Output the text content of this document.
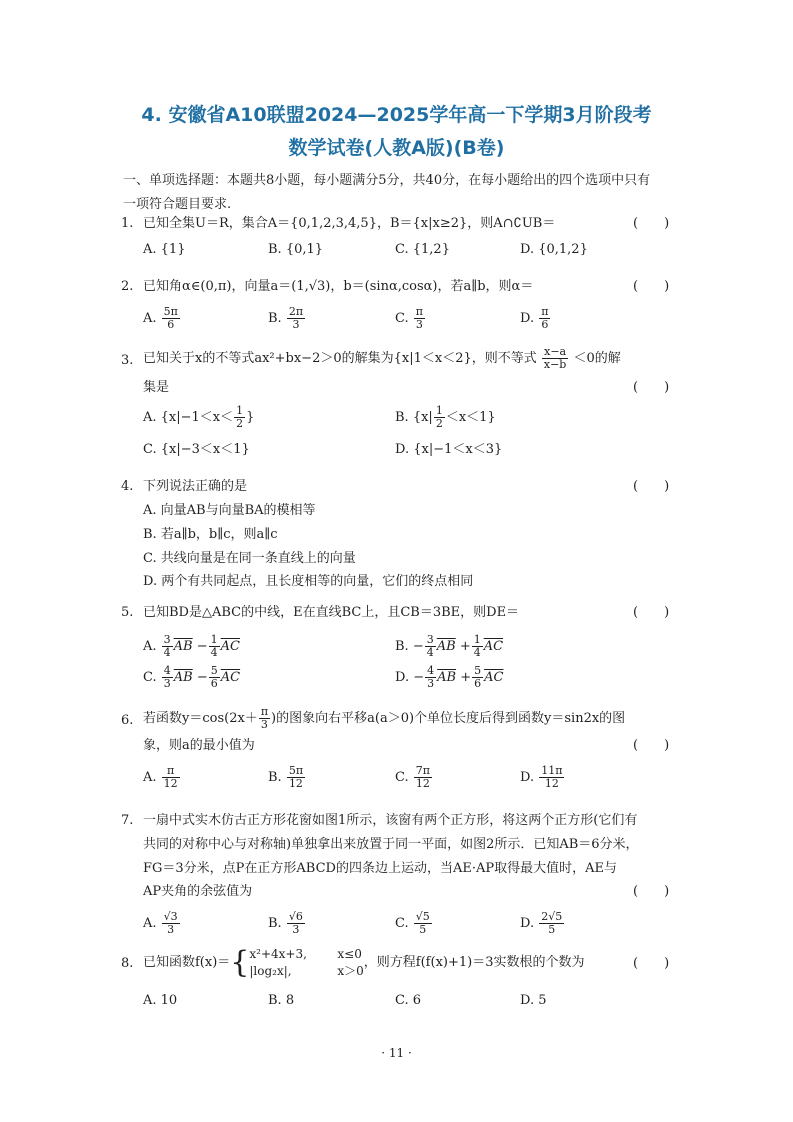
4. 安徽省A10联盟2024—2025学年高一下学期3月阶段考
数学试卷(人教A版)(B卷)
一、单项选择题：本题共8小题，每小题满分5分，共40分，在每小题给出的四个选项中只有
一项符合题目要求.
1. 已知全集U＝R，集合A＝{0,1,2,3,4,5}，B＝{x|x≥2}，则A∩∁UB＝	(　　)
A. {1}	B. {0,1}	C. {1,2}	D. {0,1,2}
2. 已知角α∈(0,π)，向量a＝(1,√3)，b＝(sinα,cosα)，若a∥b，则α＝	(　　)
A. $\frac{5\pi}{6}$	B. $\frac{2\pi}{3}$	C. $\frac{\pi}{3}$	D. $\frac{\pi}{6}$
3. 已知关于x的不等式ax²+bx−2＞0的解集为{x|1＜x＜2}，则不等式 $\frac{x-a}{x-b} <0$的解
集是	(　　)
A. {$x|-1<x< \frac{1}{2}$ }	B. $\{x| \frac{1}{2} <x<1\}$
C. {x|−3＜x＜1}	D. {x|−1＜x＜3}
4. 下列说法正确的是	(　　)
A. 向量AB与向量BA的模相等
B. 若a∥b，b∥c，则a∥c
C. 共线向量是在同一条直线上的向量
D. 两个有共同起点，且长度相等的向量，它们的终点相同
5. 已知BD是△ABC的中线，E在直线BC上，且CB＝3BE，则DE＝	(　　)
A. $\frac{3}{4} \overline{AB} - \frac{1}{4} \overline{AC}$	B. − $\frac{3}{4} \overline{AB} + \frac{1}{4} \overline{AC}$
C. $\frac{4}{3} \overline{AB} - \frac{5}{6} \overline{AC}$	D. − $\frac{4}{3} \overline{AB} + \frac{5}{6} \overline{AC}$
6. 若函数$y=\cos(2x+ \frac{\pi}{3}$ )的图象向右平移a(a＞0)个单位长度后得到函数y＝sin2x的图
象，则a的最小值为	(　　)
A. $\frac{\pi}{12}$	B. $\frac{5\pi}{12}$	C. $\frac{7\pi}{12}$	D. $\frac{11\pi}{12}$
7. 一扇中式实木仿古正方形花窗如图1所示，该窗有两个正方形，将这两个正方形(它们有
共同的对称中心与对称轴)单独拿出来放置于同一平面，如图2所示．已知AB＝6分米，
FG＝3分米，点P在正方形ABCD的四条边上运动，当AE·AP取得最大值时，AE与
AP夹角的余弦值为	(　　)
A. $\frac{√3}{3}$	B. $\frac{√6}{3}$	C. $\frac{√5}{5}$	D. $\frac{2√5}{5}$
8. 已知函数f(x)＝{ x²+4x+3,	x≤0
|log₂x|,	x＞0
，则方程f(f(x)+1)＝3实数根的个数为	(　　)
A. 10	B. 8	C. 6	D. 5
· 11 ·
